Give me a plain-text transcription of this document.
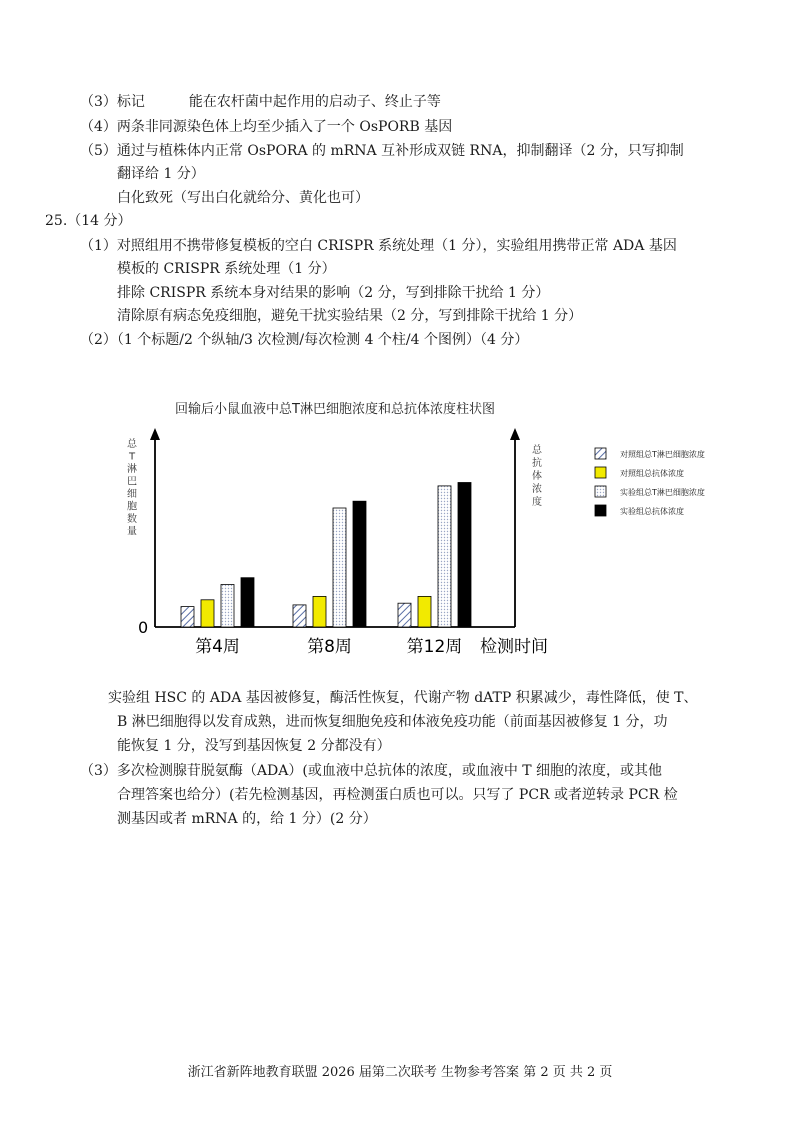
（3）标记	能在农杆菌中起作用的启动子、终止子等
（4）两条非同源染色体上均至少插入了一个 OsPORB 基因
（5）通过与植株体内正常 OsPORA 的 mRNA 互补形成双链 RNA，抑制翻译（2 分，只写抑制
翻译给 1 分）
白化致死（写出白化就给分、黄化也可）
25.（14 分）
（1）对照组用不携带修复模板的空白 CRISPR 系统处理（1 分），实验组用携带正常 ADA 基因
模板的 CRISPR 系统处理（1 分）
排除 CRISPR 系统本身对结果的影响（2 分，写到排除干扰给 1 分）
清除原有病态免疫细胞，避免干扰实验结果（2 分，写到排除干扰给 1 分）
（2）（1 个标题/2 个纵轴/3 次检测/每次检测 4 个柱/4 个图例）（4 分）
回输后小鼠血液中总T淋巴细胞浓度和总抗体浓度柱状图
0
检测时间
总
T
淋
巴
细
胞
数
量
总
抗
体
浓
度
第4周	第8周	第12周
对照组总T淋巴细胞浓度
对照组总抗体浓度
实验组总T淋巴细胞浓度
实验组总抗体浓度
实验组 HSC 的 ADA 基因被修复，酶活性恢复，代谢产物 dATP 积累减少，毒性降低，使 T、
B 淋巴细胞得以发育成熟，进而恢复细胞免疫和体液免疫功能（前面基因被修复 1 分，功
能恢复 1 分，没写到基因恢复 2 分都没有）
（3）多次检测腺苷脱氨酶（ADA）(或血液中总抗体的浓度，或血液中 T 细胞的浓度，或其他
合理答案也给分）(若先检测基因，再检测蛋白质也可以。只写了 PCR 或者逆转录 PCR 检
测基因或者 mRNA 的，给 1 分）(2 分）
浙江省新阵地教育联盟 2026 届第二次联考 生物参考答案 第 2 页 共 2 页
